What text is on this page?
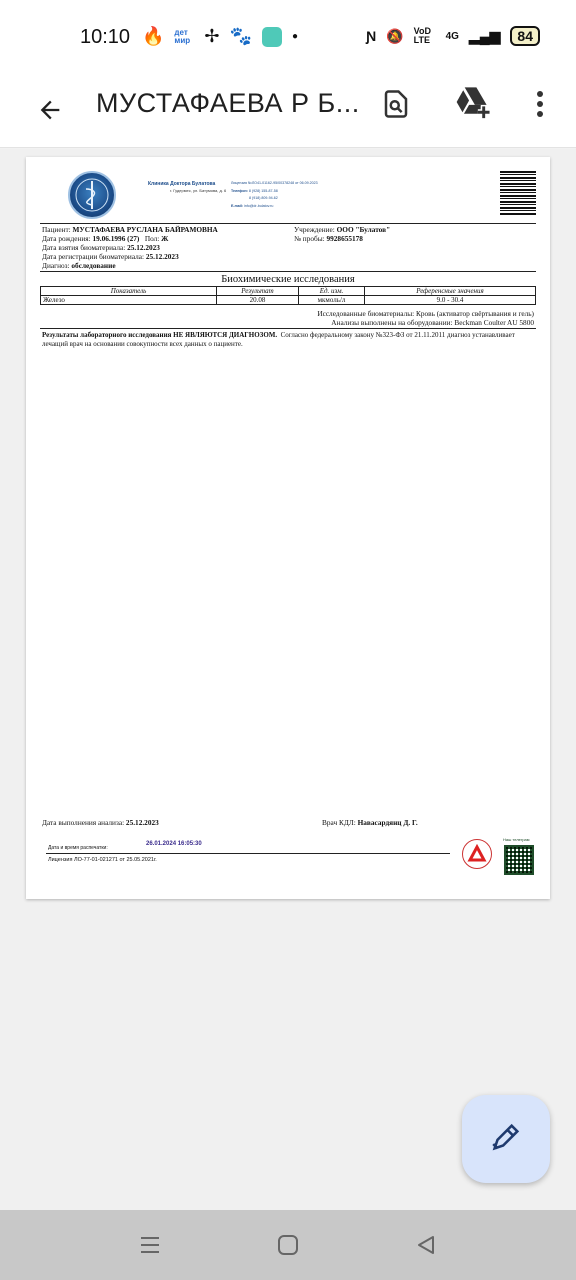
10:10 🔥 дет мир ✢ 🐾	●	Ɲ 🔕 VoD LTE	4G ▂▄▆	84
МУСТАФАЕВА Р Б...
Клиника Доктора Булатова
г. Гудермес, ул. Батумова, д. 6
Лицензия №ЛО41-01162-95/00378248 от 06.09.2023
Телефон: 8 (928) 155-87-58
8 (918) 809-94-62
E-mail: info@dr-bulatov.ru
Пациент: МУСТАФАЕВА РУСЛАНА БАЙРАМОВНА
Дата рождения: 19.06.1996 (27) Пол: Ж
Дата взятия биоматериала: 25.12.2023
Дата регистрации биоматериала: 25.12.2023
Диагноз: обследование
Учреждение: ООО "Булатов"
№ пробы: 9928655178
Биохимические исследования
Показатель	Результат	Ед. изм.	Референсные значения
Железо	20.08	мкмоль/л	9.0 - 30.4
Исследованные биоматериалы: Кровь (активатор свёртывания и гель)
Анализы выполнены на оборудовании: Beckman Coulter AU 5800
Результаты лабораторного исследования НЕ ЯВЛЯЮТСЯ ДИАГНОЗОМ. Согласно федеральному закону №323-ФЗ от 21.11.2011 диагноз устанавливает лечащий врач на основании совокупности всех данных о пациенте.
Дата выполнения анализа: 25.12.2023	Врач КДЛ: Навасардянц Д. Г.
Дата и время распечатки:
26.01.2024 16:05:30
Лицензия ЛО-77-01-021271 от 25.05.2021г.
Наш телеграм
